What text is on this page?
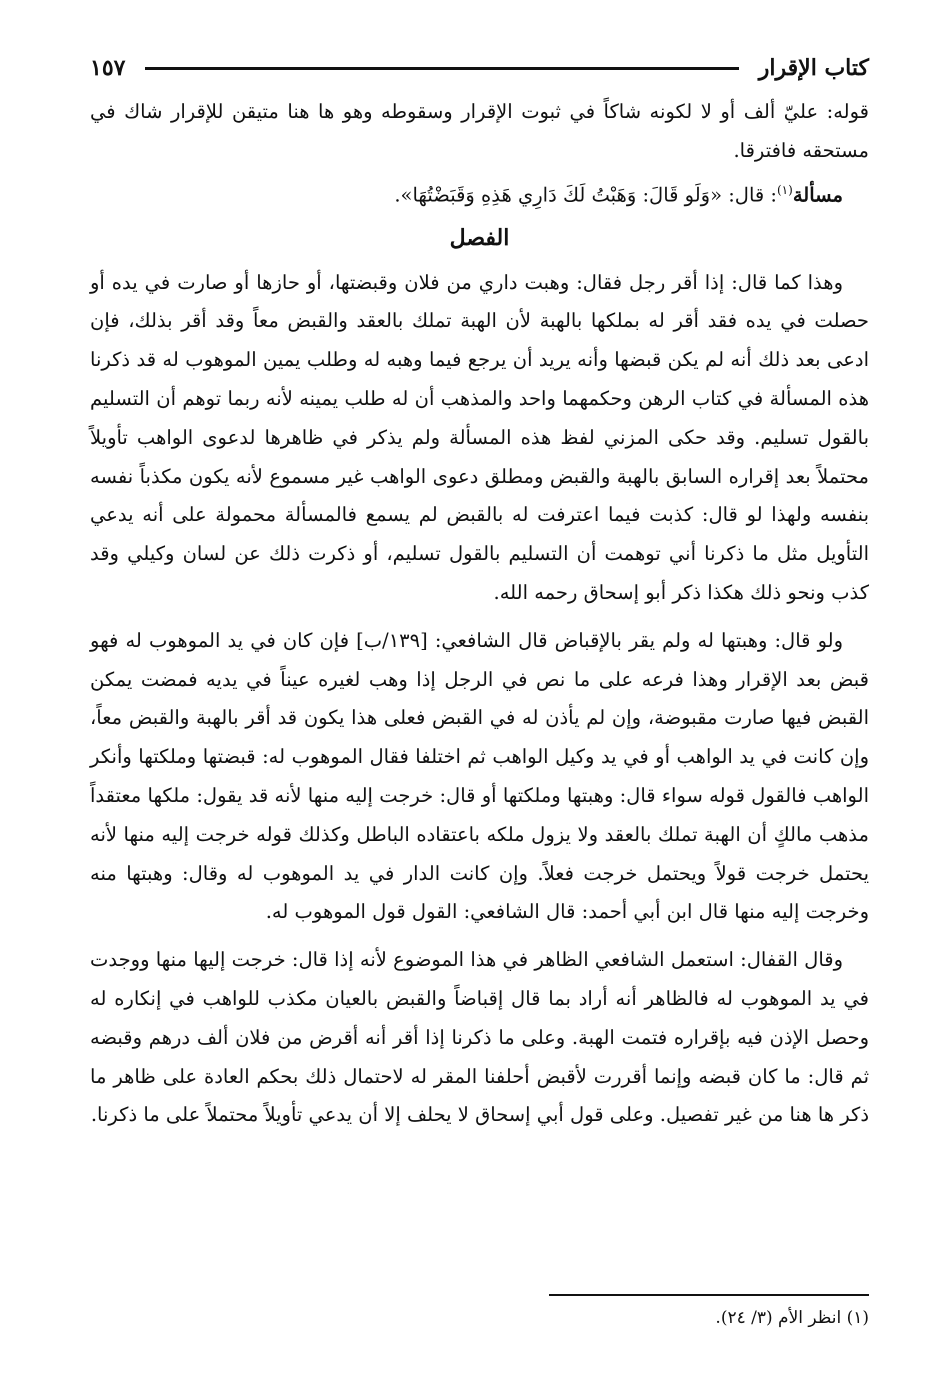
كتاب الإقرار
١٥٧

قوله: عليّ ألف أو لا لكونه شاكاً في ثبوت الإقرار وسقوطه وهو ها هنا متيقن للإقرار شاك في مستحقه فافترقا.

مسألة$^{(١)}$: قال: «وَلَو قَالَ: وَهَبْتُ لَكَ دَارِي هَذِهِ وَقَبَضْتُهَا».

الفصل

وهذا كما قال: إذا أقر رجل فقال: وهبت داري من فلان وقبضتها، أو حازها أو صارت في يده أو حصلت في يده فقد أقر له بملكها بالهبة لأن الهبة تملك بالعقد والقبض معاً وقد أقر بذلك، فإن ادعى بعد ذلك أنه لم يكن قبضها وأنه يريد أن يرجع فيما وهبه له وطلب يمين الموهوب له قد ذكرنا هذه المسألة في كتاب الرهن وحكمهما واحد والمذهب أن له طلب يمينه لأنه ربما توهم أن التسليم بالقول تسليم. وقد حكى المزني لفظ هذه المسألة ولم يذكر في ظاهرها لدعوى الواهب تأويلاً محتملاً بعد إقراره السابق بالهبة والقبض ومطلق دعوى الواهب غير مسموع لأنه يكون مكذباً نفسه بنفسه ولهذا لو قال: كذبت فيما اعترفت له بالقبض لم يسمع فالمسألة محمولة على أنه يدعي التأويل مثل ما ذكرنا أني توهمت أن التسليم بالقول تسليم، أو ذكرت ذلك عن لسان وكيلي وقد كذب ونحو ذلك هكذا ذكر أبو إسحاق رحمه الله.

ولو قال: وهبتها له ولم يقر بالإقباض قال الشافعي: [١٣٩/ب] فإن كان في يد الموهوب له فهو قبض بعد الإقرار وهذا فرعه على ما نص في الرجل إذا وهب لغيره عيناً في يديه فمضت يمكن القبض فيها صارت مقبوضة، وإن لم يأذن له في القبض فعلى هذا يكون قد أقر بالهبة والقبض معاً، وإن كانت في يد الواهب أو في يد وكيل الواهب ثم اختلفا فقال الموهوب له: قبضتها وملكتها وأنكر الواهب فالقول قوله سواء قال: وهبتها وملكتها أو قال: خرجت إليه منها لأنه قد يقول: ملكها معتقداً مذهب مالكٍ أن الهبة تملك بالعقد ولا يزول ملكه باعتقاده الباطل وكذلك قوله خرجت إليه منها لأنه يحتمل خرجت قولاً ويحتمل خرجت فعلاً. وإن كانت الدار في يد الموهوب له وقال: وهبتها منه وخرجت إليه منها قال ابن أبي أحمد: قال الشافعي: القول قول الموهوب له.

وقال القفال: استعمل الشافعي الظاهر في هذا الموضوع لأنه إذا قال: خرجت إليها منها ووجدت في يد الموهوب له فالظاهر أنه أراد بما قال إقباضاً والقبض بالعيان مكذب للواهب في إنكاره له وحصل الإذن فيه بإقراره فتمت الهبة. وعلى ما ذكرنا إذا أقر أنه أقرض من فلان ألف درهم وقبضه ثم قال: ما كان قبضه وإنما أقررت لأقبض أحلفنا المقر له لاحتمال ذلك بحكم العادة على ظاهر ما ذكر ها هنا من غير تفصيل. وعلى قول أبي إسحاق لا يحلف إلا أن يدعي تأويلاً محتملاً على ما ذكرنا.

(١) انظر الأم (٣/ ٢٤).
